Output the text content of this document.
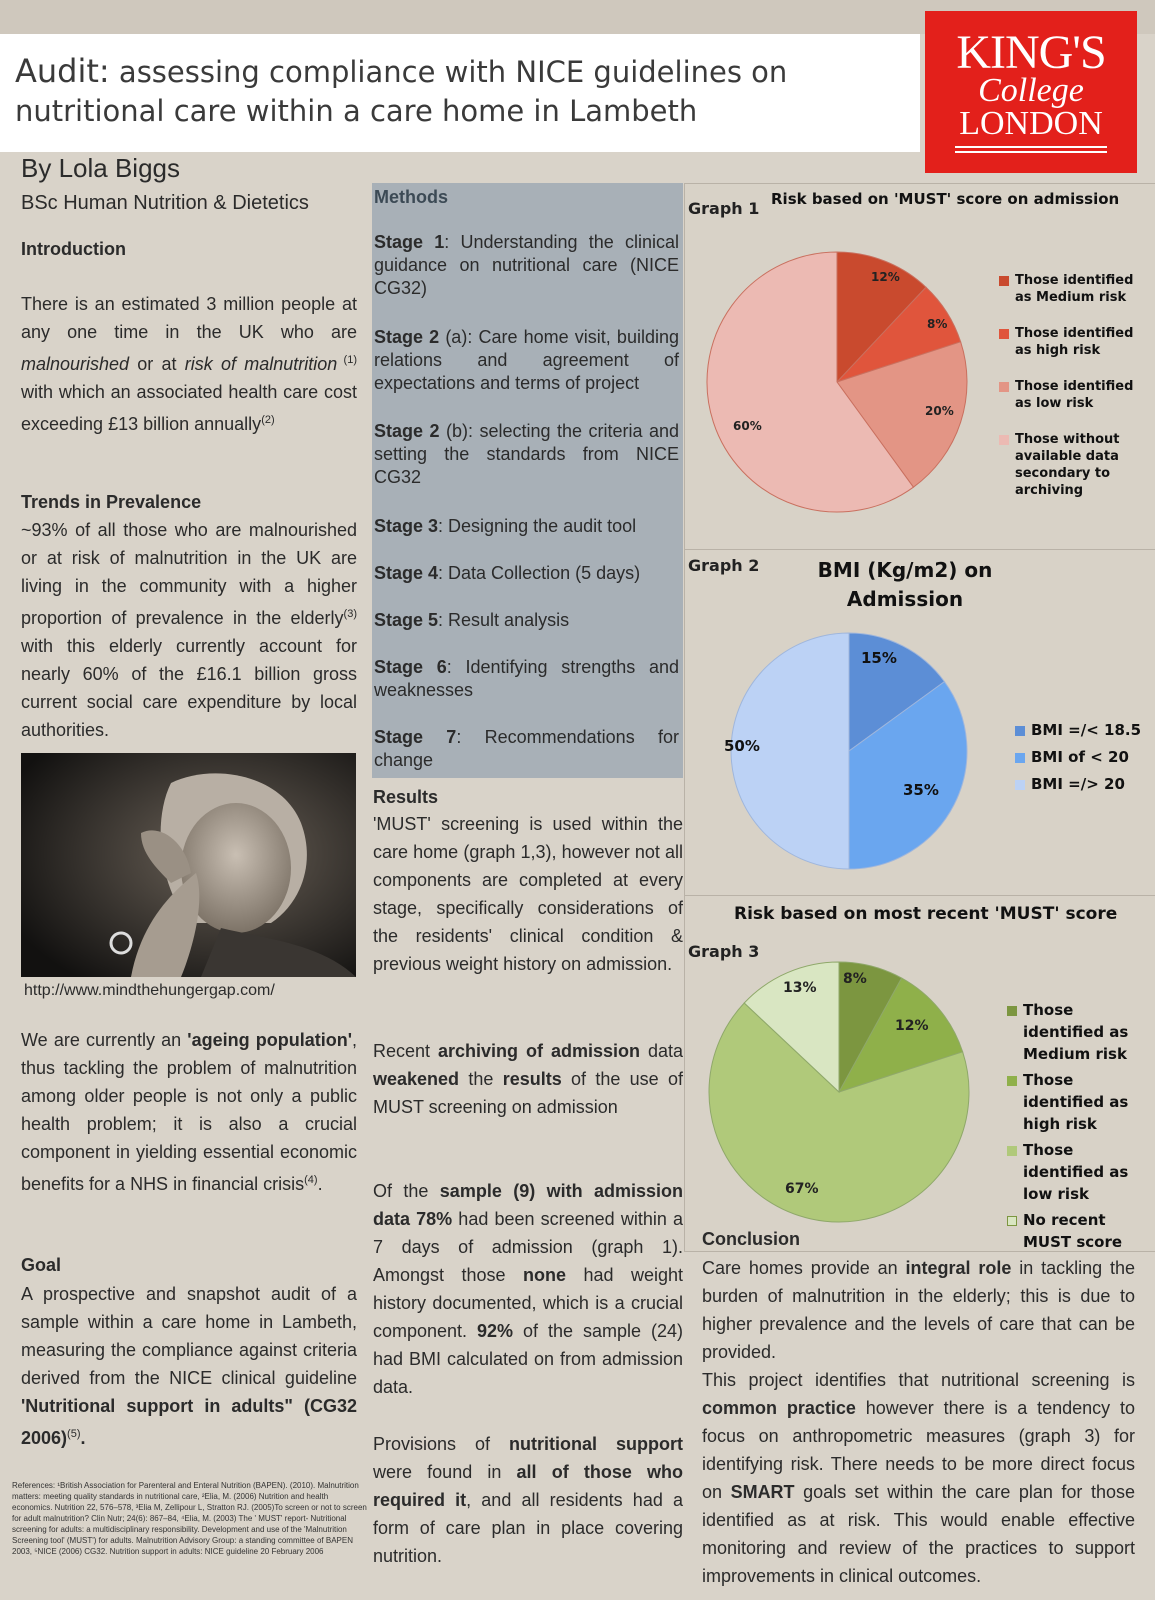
Audit: assessing compliance with NICE guidelines on nutritional care within a care home in Lambeth
KING'S
College
LONDON
By Lola Biggs
BSc Human Nutrition & Dietetics
Introduction
There is an estimated 3 million people at any one time in the UK who are malnourished or at risk of malnutrition $^{(1)}$ with which an associated health care cost exceeding £13 billion annually$^{(2)}$
Trends in Prevalence
~93% of all those who are malnourished or at risk of malnutrition in the UK are living in the community with a higher proportion of prevalence in the elderly$^{(3)}$ with this elderly currently account for nearly 60% of the £16.1 billion gross current social care expenditure by local authorities.
http://www.mindthehungergap.com/
We are currently an 'ageing population', thus tackling the problem of malnutrition among older people is not only a public health problem; it is also a crucial component in yielding essential economic benefits for a NHS in financial crisis$^{(4)}$.
Goal
A prospective and snapshot audit of a sample within a care home in Lambeth, measuring the compliance against criteria derived from the NICE clinical guideline 'Nutritional support in adults" (CG32 2006)$^{(5)}$.
References: ¹British Association for Parenteral and Enteral Nutrition (BAPEN). (2010). Malnutrition matters: meeting quality standards in nutritional care, ²Elia, M. (2006) Nutrition and health economics. Nutrition 22, 576–578, ³Elia M, Zellipour L, Stratton RJ. (2005)To screen or not to screen for adult malnutrition? Clin Nutr; 24(6): 867–84, ⁴Elia, M. (2003) The ' MUST' report- Nutritional screening for adults: a multidisciplinary responsibility. Development and use of the 'Malnutrition Screening tool' (MUST') for adults. Malnutrition Advisory Group: a standing committee of BAPEN 2003, ⁵NICE (2006) CG32. Nutrition support in adults: NICE guideline 20 February 2006
Methods
Stage 1: Understanding the clinical guidance on nutritional care (NICE CG32)
Stage 2 (a): Care home visit, building relations and agreement of expectations and terms of project
Stage 2 (b): selecting the criteria and setting the standards from NICE CG32
Stage 3: Designing the audit tool
Stage 4: Data Collection (5 days)
Stage 5: Result analysis
Stage 6: Identifying strengths and weaknesses
Stage 7: Recommendations for change
Results
'MUST' screening is used within the care home (graph 1,3), however not all components are completed at every stage, specifically considerations of the residents' clinical condition & previous weight history on admission.
Recent archiving of admission data weakened the results of the use of MUST screening on admission
Of the sample (9) with admission data 78% had been screened within a 7 days of admission (graph 1). Amongst those none had weight history documented, which is a crucial component. 92% of the sample (24) had BMI calculated on from admission data.
Provisions of nutritional support were found in all of those who required it, and all residents had a form of care plan in place covering nutrition.
Graph 1 Risk based on 'MUST' score on admission
12%
8%
20%
60%
Those identified as Medium risk
Those identified as high risk
Those identified as low risk
Those without available data secondary to archiving
Graph 2	BMI (Kg/m2) on Admission
15%
35%
50%
BMI =/< 18.5
BMI of < 20
BMI =/> 20
Risk based on most recent 'MUST' score
Graph 3
8%
12%
67%
13%
Those identified as Medium risk
Those identified as high risk
Those identified as low risk
No recent MUST score
Conclusion
Care homes provide an integral role in tackling the burden of malnutrition in the elderly; this is due to higher prevalence and the levels of care that can be provided.
This project identifies that nutritional screening is common practice however there is a tendency to focus on anthropometric measures (graph 3) for identifying risk. There needs to be more direct focus on SMART goals set within the care plan for those identified as at risk. This would enable effective monitoring and review of the practices to support improvements in clinical outcomes.
